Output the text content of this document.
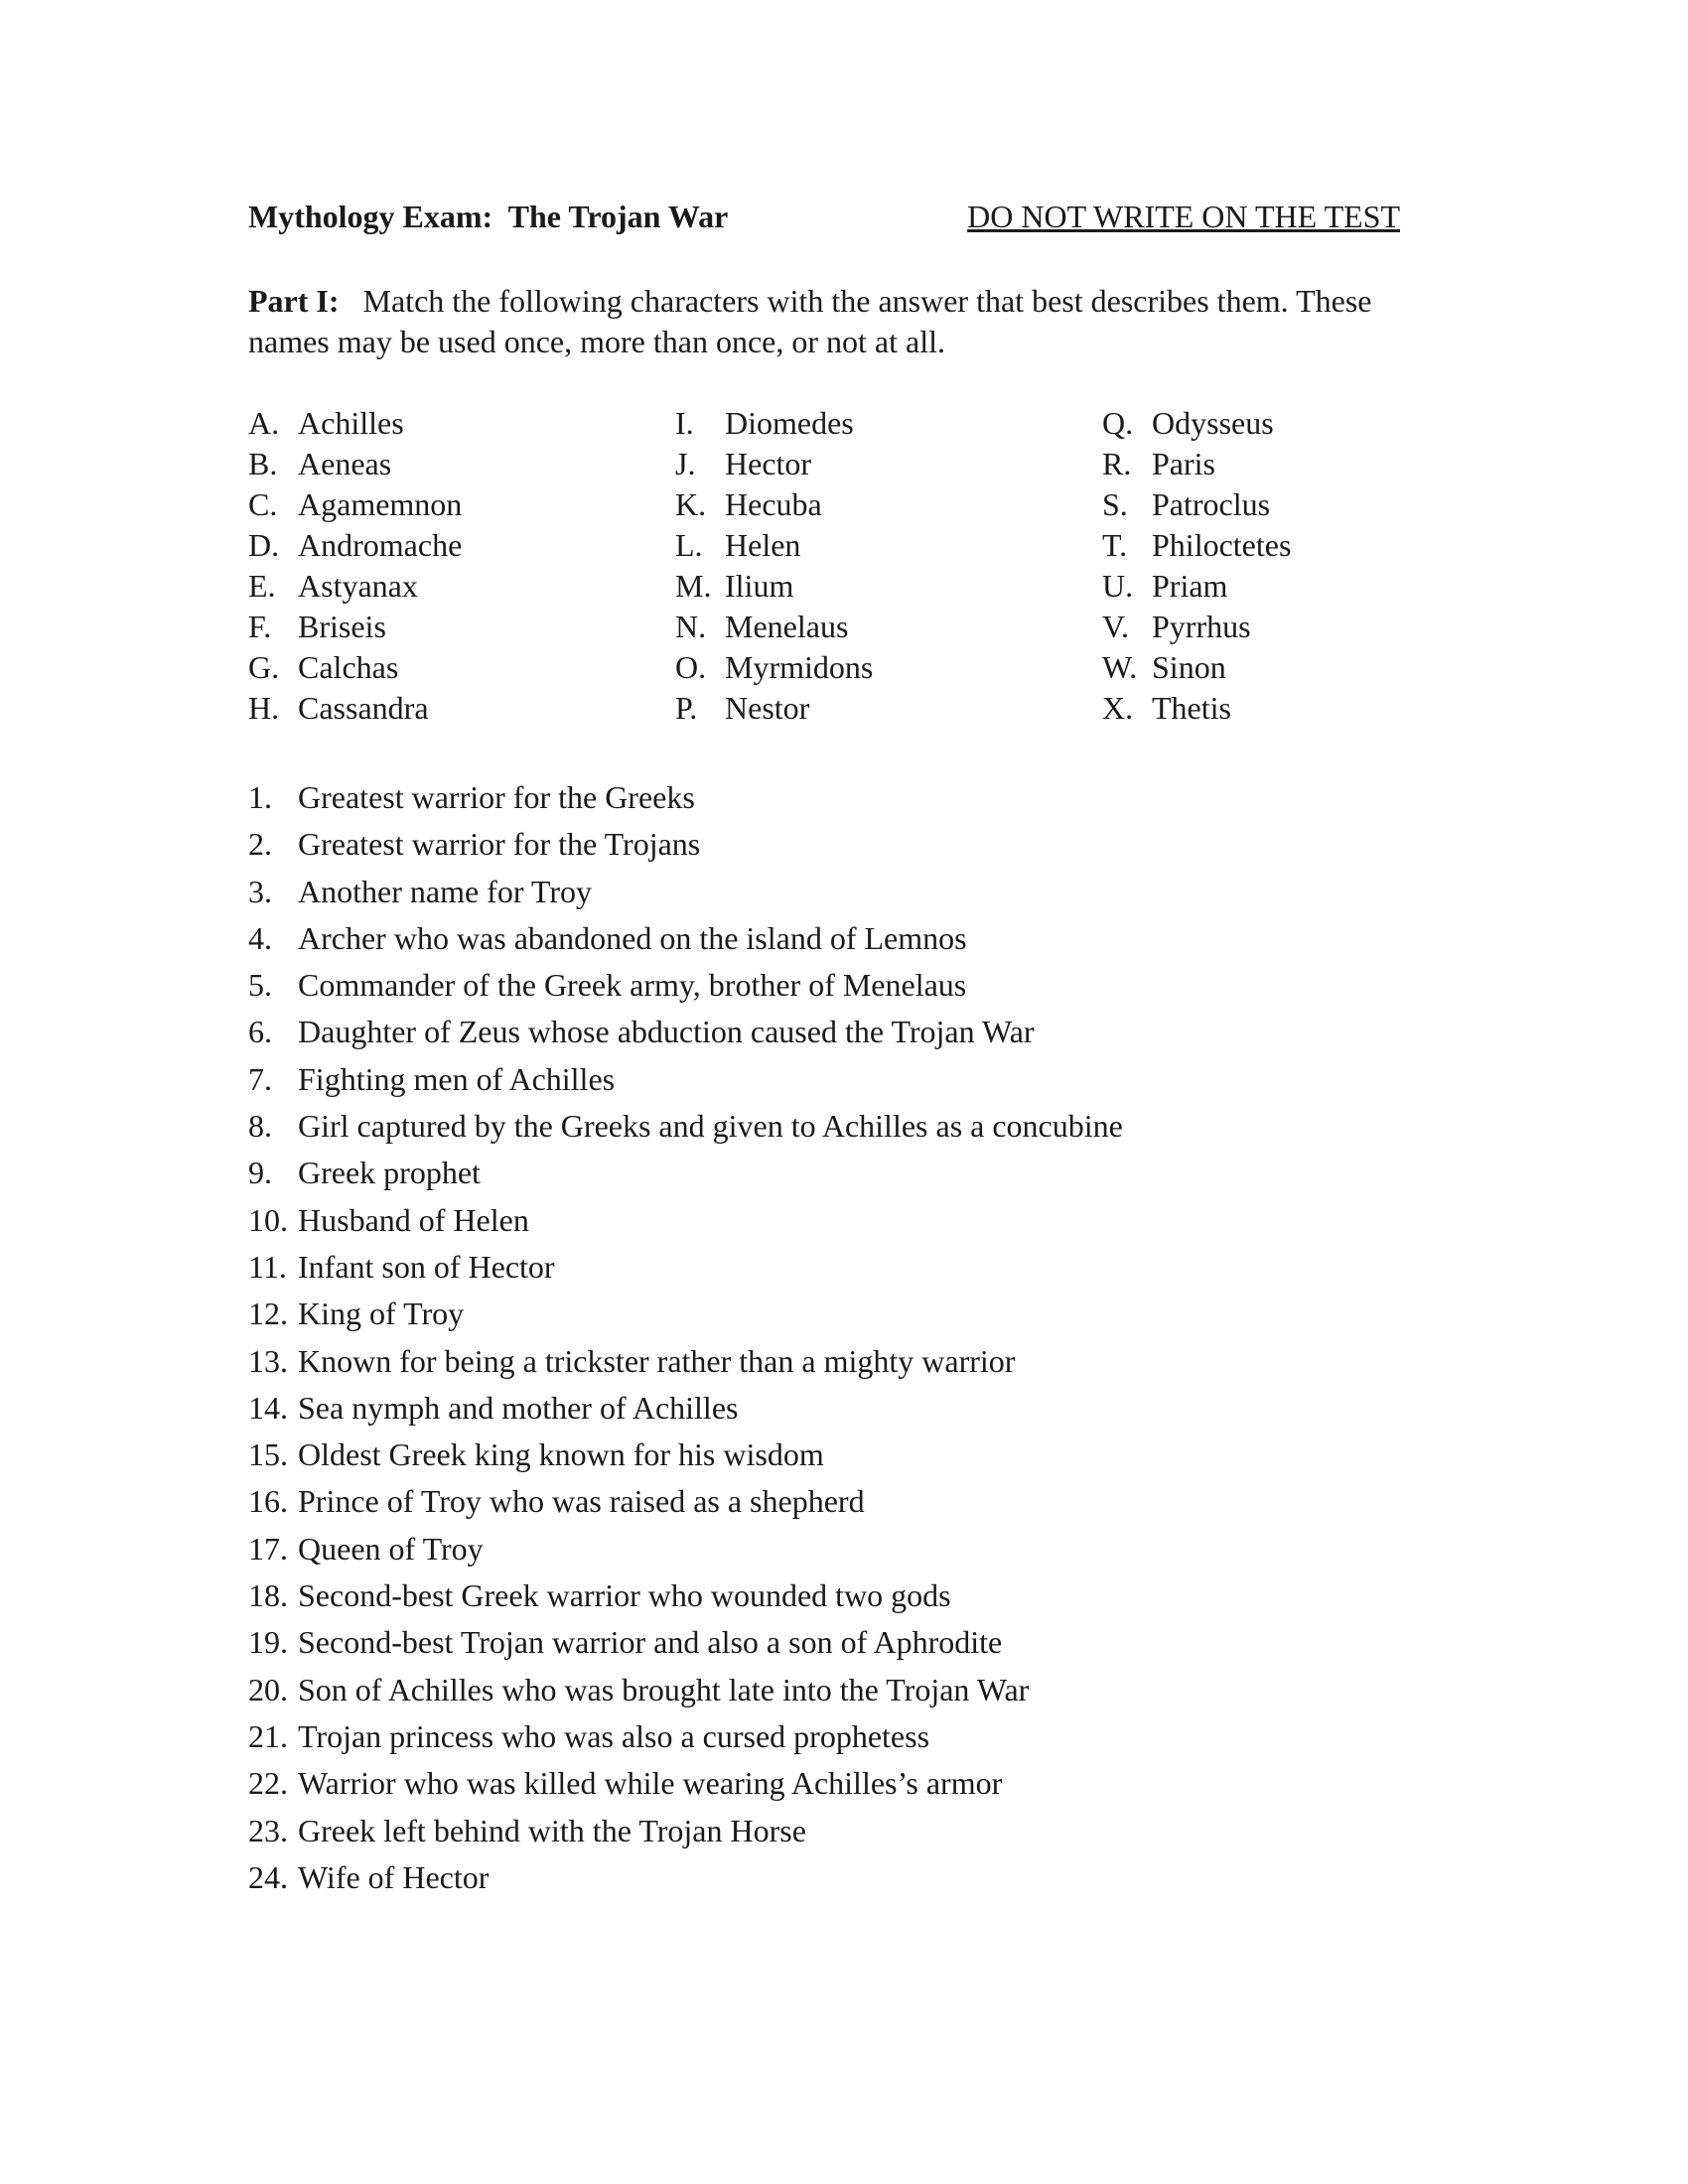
Mythology Exam:  The Trojan War	DO NOT WRITE ON THE TEST
Part I: Match the following characters with the answer that best describes them. These names may be used once, more than once, or not at all.
A. Achilles
B. Aeneas
C. Agamemnon
D. Andromache
E. Astyanax
F. Briseis
G. Calchas
H. Cassandra
I. Diomedes
J. Hector
K. Hecuba
L. Helen
M. Ilium
N. Menelaus
O. Myrmidons
P. Nestor
Q. Odysseus
R. Paris
S. Patroclus
T. Philoctetes
U. Priam
V. Pyrrhus
W. Sinon
X. Thetis
1. Greatest warrior for the Greeks
2. Greatest warrior for the Trojans
3. Another name for Troy
4. Archer who was abandoned on the island of Lemnos
5. Commander of the Greek army, brother of Menelaus
6. Daughter of Zeus whose abduction caused the Trojan War
7. Fighting men of Achilles
8. Girl captured by the Greeks and given to Achilles as a concubine
9. Greek prophet
10. Husband of Helen
11. Infant son of Hector
12. King of Troy
13. Known for being a trickster rather than a mighty warrior
14. Sea nymph and mother of Achilles
15. Oldest Greek king known for his wisdom
16. Prince of Troy who was raised as a shepherd
17. Queen of Troy
18. Second-best Greek warrior who wounded two gods
19. Second-best Trojan warrior and also a son of Aphrodite
20. Son of Achilles who was brought late into the Trojan War
21. Trojan princess who was also a cursed prophetess
22. Warrior who was killed while wearing Achilles’s armor
23. Greek left behind with the Trojan Horse
24. Wife of Hector
